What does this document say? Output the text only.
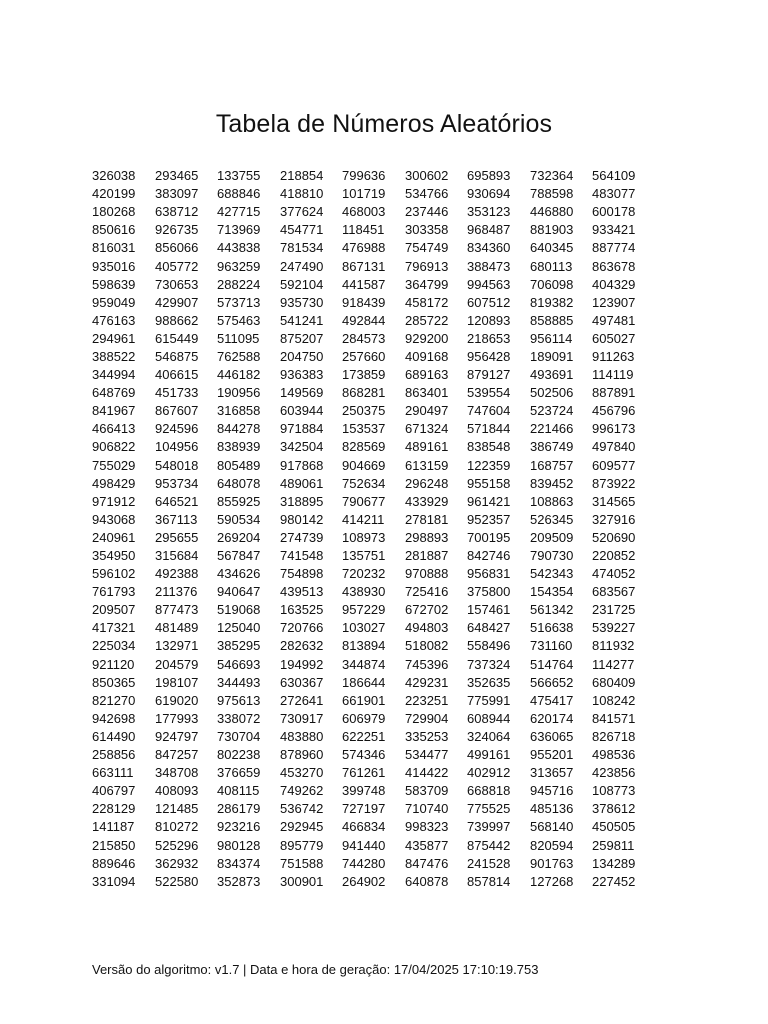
Tabela de Números Aleatórios
326038	293465	133755	218854	799636	300602	695893	732364	564109
420199	383097	688846	418810	101719	534766	930694	788598	483077
180268	638712	427715	377624	468003	237446	353123	446880	600178
850616	926735	713969	454771	118451	303358	968487	881903	933421
816031	856066	443838	781534	476988	754749	834360	640345	887774
935016	405772	963259	247490	867131	796913	388473	680113	863678
598639	730653	288224	592104	441587	364799	994563	706098	404329
959049	429907	573713	935730	918439	458172	607512	819382	123907
476163	988662	575463	541241	492844	285722	120893	858885	497481
294961	615449	511095	875207	284573	929200	218653	956114	605027
388522	546875	762588	204750	257660	409168	956428	189091	911263
344994	406615	446182	936383	173859	689163	879127	493691	114119
648769	451733	190956	149569	868281	863401	539554	502506	887891
841967	867607	316858	603944	250375	290497	747604	523724	456796
466413	924596	844278	971884	153537	671324	571844	221466	996173
906822	104956	838939	342504	828569	489161	838548	386749	497840
755029	548018	805489	917868	904669	613159	122359	168757	609577
498429	953734	648078	489061	752634	296248	955158	839452	873922
971912	646521	855925	318895	790677	433929	961421	108863	314565
943068	367113	590534	980142	414211	278181	952357	526345	327916
240961	295655	269204	274739	108973	298893	700195	209509	520690
354950	315684	567847	741548	135751	281887	842746	790730	220852
596102	492388	434626	754898	720232	970888	956831	542343	474052
761793	211376	940647	439513	438930	725416	375800	154354	683567
209507	877473	519068	163525	957229	672702	157461	561342	231725
417321	481489	125040	720766	103027	494803	648427	516638	539227
225034	132971	385295	282632	813894	518082	558496	731160	811932
921120	204579	546693	194992	344874	745396	737324	514764	114277
850365	198107	344493	630367	186644	429231	352635	566652	680409
821270	619020	975613	272641	661901	223251	775991	475417	108242
942698	177993	338072	730917	606979	729904	608944	620174	841571
614490	924797	730704	483880	622251	335253	324064	636065	826718
258856	847257	802238	878960	574346	534477	499161	955201	498536
663111	348708	376659	453270	761261	414422	402912	313657	423856
406797	408093	408115	749262	399748	583709	668818	945716	108773
228129	121485	286179	536742	727197	710740	775525	485136	378612
141187	810272	923216	292945	466834	998323	739997	568140	450505
215850	525296	980128	895779	941440	435877	875442	820594	259811
889646	362932	834374	751588	744280	847476	241528	901763	134289
331094	522580	352873	300901	264902	640878	857814	127268	227452
Versão do algoritmo: v1.7 | Data e hora de geração: 17/04/2025 17:10:19.753
